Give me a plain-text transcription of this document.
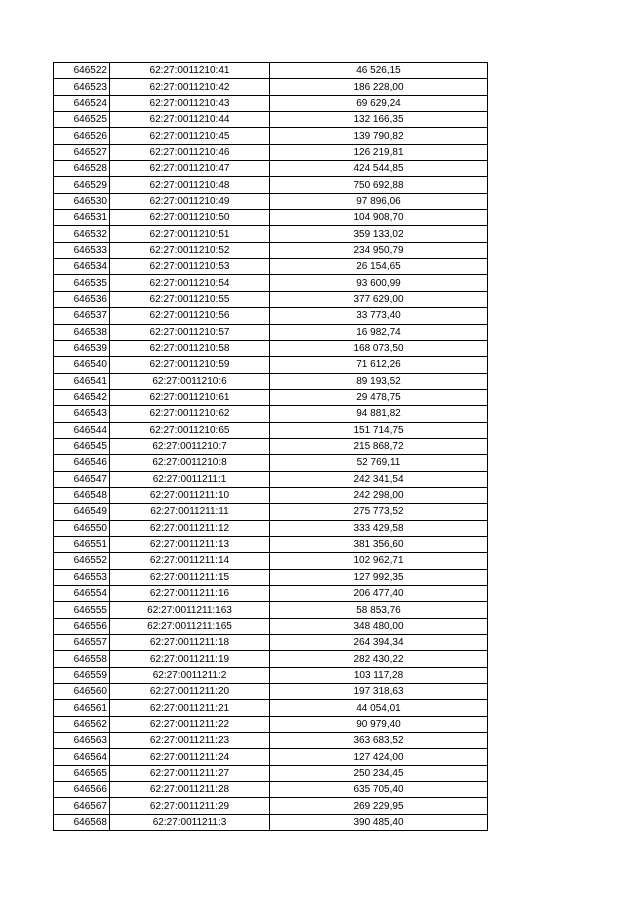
646522	62:27:0011210:41	46 526,15
646523	62:27:0011210:42	186 228,00
646524	62:27:0011210:43	69 629,24
646525	62:27:0011210:44	132 166,35
646526	62:27:0011210:45	139 790,82
646527	62:27:0011210:46	126 219,81
646528	62:27:0011210:47	424 544,85
646529	62:27:0011210:48	750 692,88
646530	62:27:0011210:49	97 896,06
646531	62:27:0011210:50	104 908,70
646532	62:27:0011210:51	359 133,02
646533	62:27:0011210:52	234 950,79
646534	62:27:0011210:53	26 154,65
646535	62:27:0011210:54	93 600,99
646536	62:27:0011210:55	377 629,00
646537	62:27:0011210:56	33 773,40
646538	62:27:0011210:57	16 982,74
646539	62:27:0011210:58	168 073,50
646540	62:27:0011210:59	71 612,26
646541	62:27:0011210:6	89 193,52
646542	62:27:0011210:61	29 478,75
646543	62:27:0011210:62	94 881,82
646544	62:27:0011210:65	151 714,75
646545	62:27:0011210:7	215 868,72
646546	62:27:0011210:8	52 769,11
646547	62:27:0011211:1	242 341,54
646548	62:27:0011211:10	242 298,00
646549	62:27:0011211:11	275 773,52
646550	62:27:0011211:12	333 429,58
646551	62:27:0011211:13	381 356,60
646552	62:27:0011211:14	102 962,71
646553	62:27:0011211:15	127 992,35
646554	62:27:0011211:16	206 477,40
646555	62:27:0011211:163	58 853,76
646556	62:27:0011211:165	348 480,00
646557	62:27:0011211:18	264 394,34
646558	62:27:0011211:19	282 430,22
646559	62:27:0011211:2	103 117,28
646560	62:27:0011211:20	197 318,63
646561	62:27:0011211:21	44 054,01
646562	62:27:0011211:22	90 979,40
646563	62:27:0011211:23	363 683,52
646564	62:27:0011211:24	127 424,00
646565	62:27:0011211:27	250 234,45
646566	62:27:0011211:28	635 705,40
646567	62:27:0011211:29	269 229,95
646568	62:27:0011211:3	390 485,40
